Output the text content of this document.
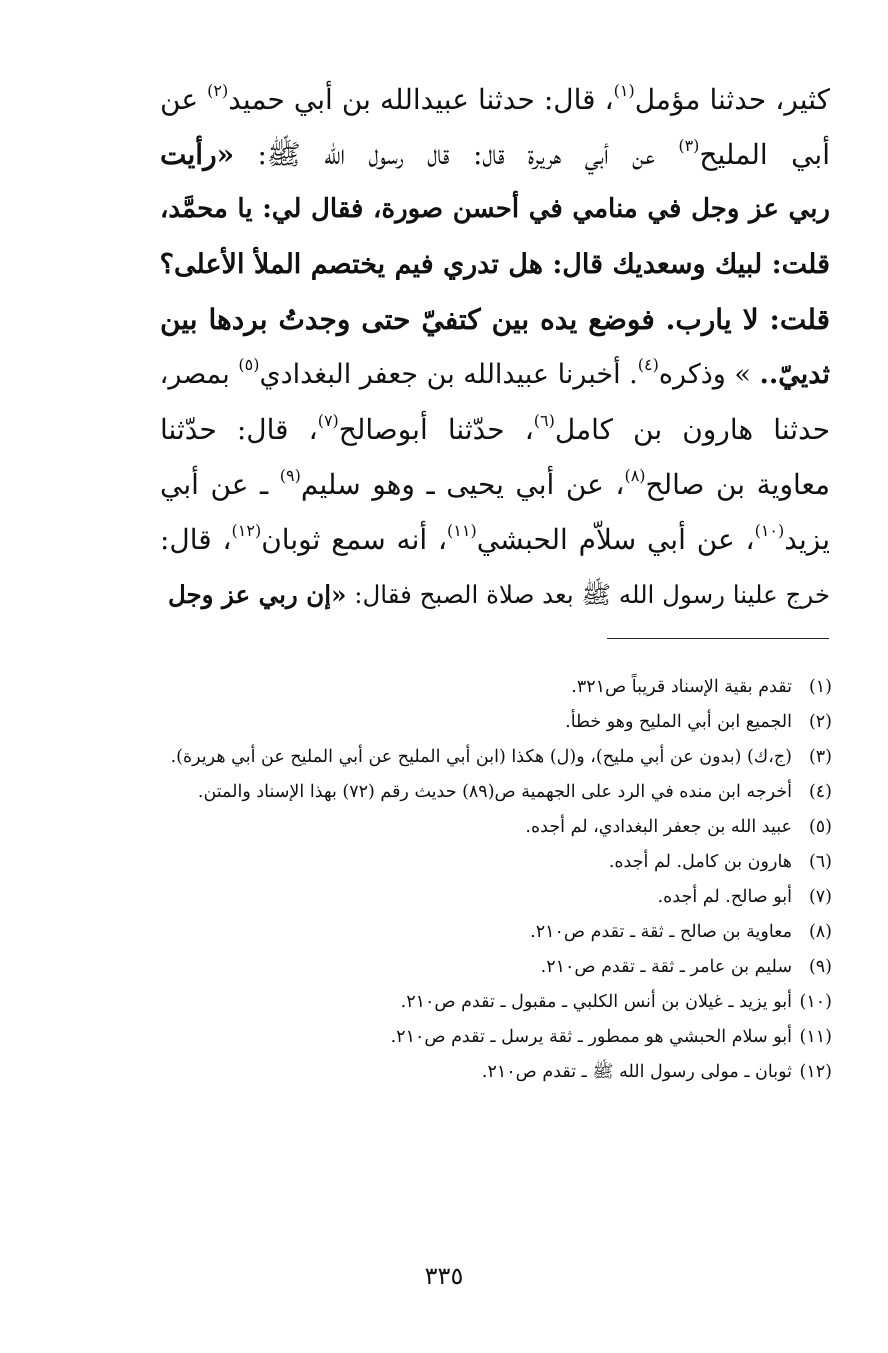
كثير، حدثنا مؤمل$^{(١)}$، قال: حدثنا عبيدالله بن أبي حميد$^{(٢)}$ عن
أبي المليح$^{(٣)}$ عن أبي هريرة قال: قال رسول الله ﷺ: «رأيت
ربي عز وجل في منامي في أحسن صورة، فقال لي: يا محمَّد،
قلت: لبيك وسعديك قال: هل تدري فيم يختصم الملأ الأعلى؟
قلت: لا يارب. فوضع يده بين كتفيّ حتى وجدتُ بردها بين
ثدييّ.. » وذكره$^{(٤)}$. أخبرنا عبيدالله بن جعفر البغدادي$^{(٥)}$ بمصر،
حدثنا هارون بن كامل$^{(٦)}$، حدّثنا أبوصالح$^{(٧)}$، قال: حدّثنا
معاوية بن صالح$^{(٨)}$، عن أبي يحيى ـ وهو سليم$^{(٩)}$ ـ عن أبي
يزيد$^{(١٠)}$، عن أبي سلاّم الحبشي$^{(١١)}$، أنه سمع ثوبان$^{(١٢)}$، قال:
خرج علينا رسول الله ﷺ بعد صلاة الصبح فقال: «إن ربي عز وجل
(١)
تقدم بقية الإسناد قريباً ص٣٢١.
(٢)
الجميع ابن أبي المليح وهو خطأ.
(٣)
(ج،ك) (بدون عن أبي مليح)، و(ل) هكذا (ابن أبي المليح عن أبي المليح عن أبي هريرة).
(٤)
أخرجه ابن منده في الرد على الجهمية ص(٨٩) حديث رقم (٧٢) بهذا الإسناد والمتن.
(٥)
عبيد الله بن جعفر البغدادي، لم أجده.
(٦)
هارون بن كامل. لم أجده.
(٧)
أبو صالح. لم أجده.
(٨)
معاوية بن صالح ـ ثقة ـ تقدم ص٢١٠.
(٩)
سليم بن عامر ـ ثقة ـ تقدم ص٢١٠.
(١٠)
أبو يزيد ـ غيلان بن أنس الكلبي ـ مقبول ـ تقدم ص٢١٠.
(١١)
أبو سلام الحبشي هو ممطور ـ ثقة يرسل ـ تقدم ص٢١٠.
(١٢)
ثوبان ـ مولى رسول الله ﷺ ـ تقدم ص٢١٠.
٣٣٥
